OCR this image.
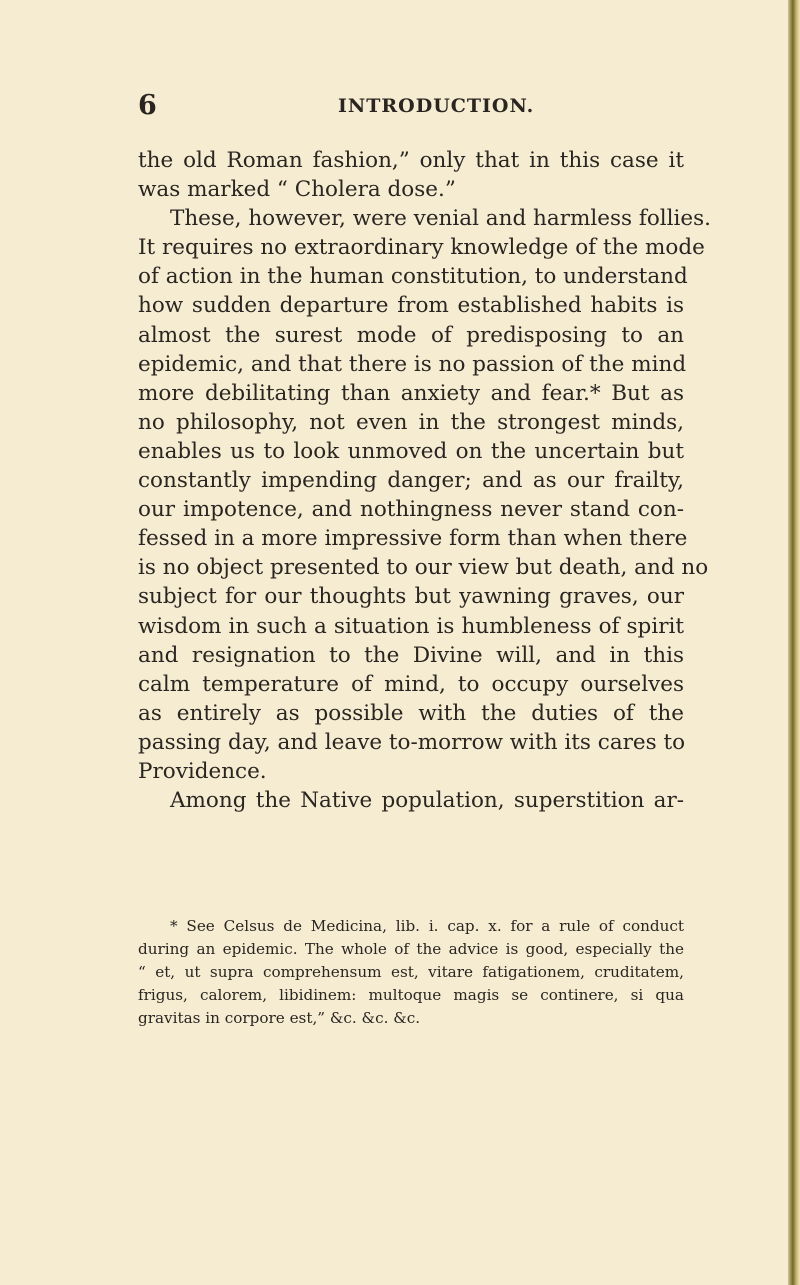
6	INTRODUCTION.
the old Roman fashion,” only that in this case it
was marked “ Cholera dose.”
These, however, were venial and harmless follies.
It requires no extraordinary knowledge of the mode
of action in the human constitution, to understand
how sudden departure from established habits is
almost the surest mode of predisposing to an
epidemic, and that there is no passion of the mind
more debilitating than anxiety and fear.* But as
no philosophy, not even in the strongest minds,
enables us to look unmoved on the uncertain but
constantly impending danger; and as our frailty,
our impotence, and nothingness never stand con-
fessed in a more impressive form than when there
is no object presented to our view but death, and no
subject for our thoughts but yawning graves, our
wisdom in such a situation is humbleness of spirit
and resignation to the Divine will, and in this
calm temperature of mind, to occupy ourselves
as entirely as possible with the duties of the
passing day, and leave to-morrow with its cares to
Providence.
Among the Native population, superstition ar-
* See Celsus de Medicina, lib. i. cap. x. for a rule of conduct
during an epidemic. The whole of the advice is good, especially the
“ et, ut supra comprehensum est, vitare fatigationem, cruditatem,
frigus, calorem, libidinem: multoque magis se continere, si qua
gravitas in corpore est,” &c. &c. &c.
